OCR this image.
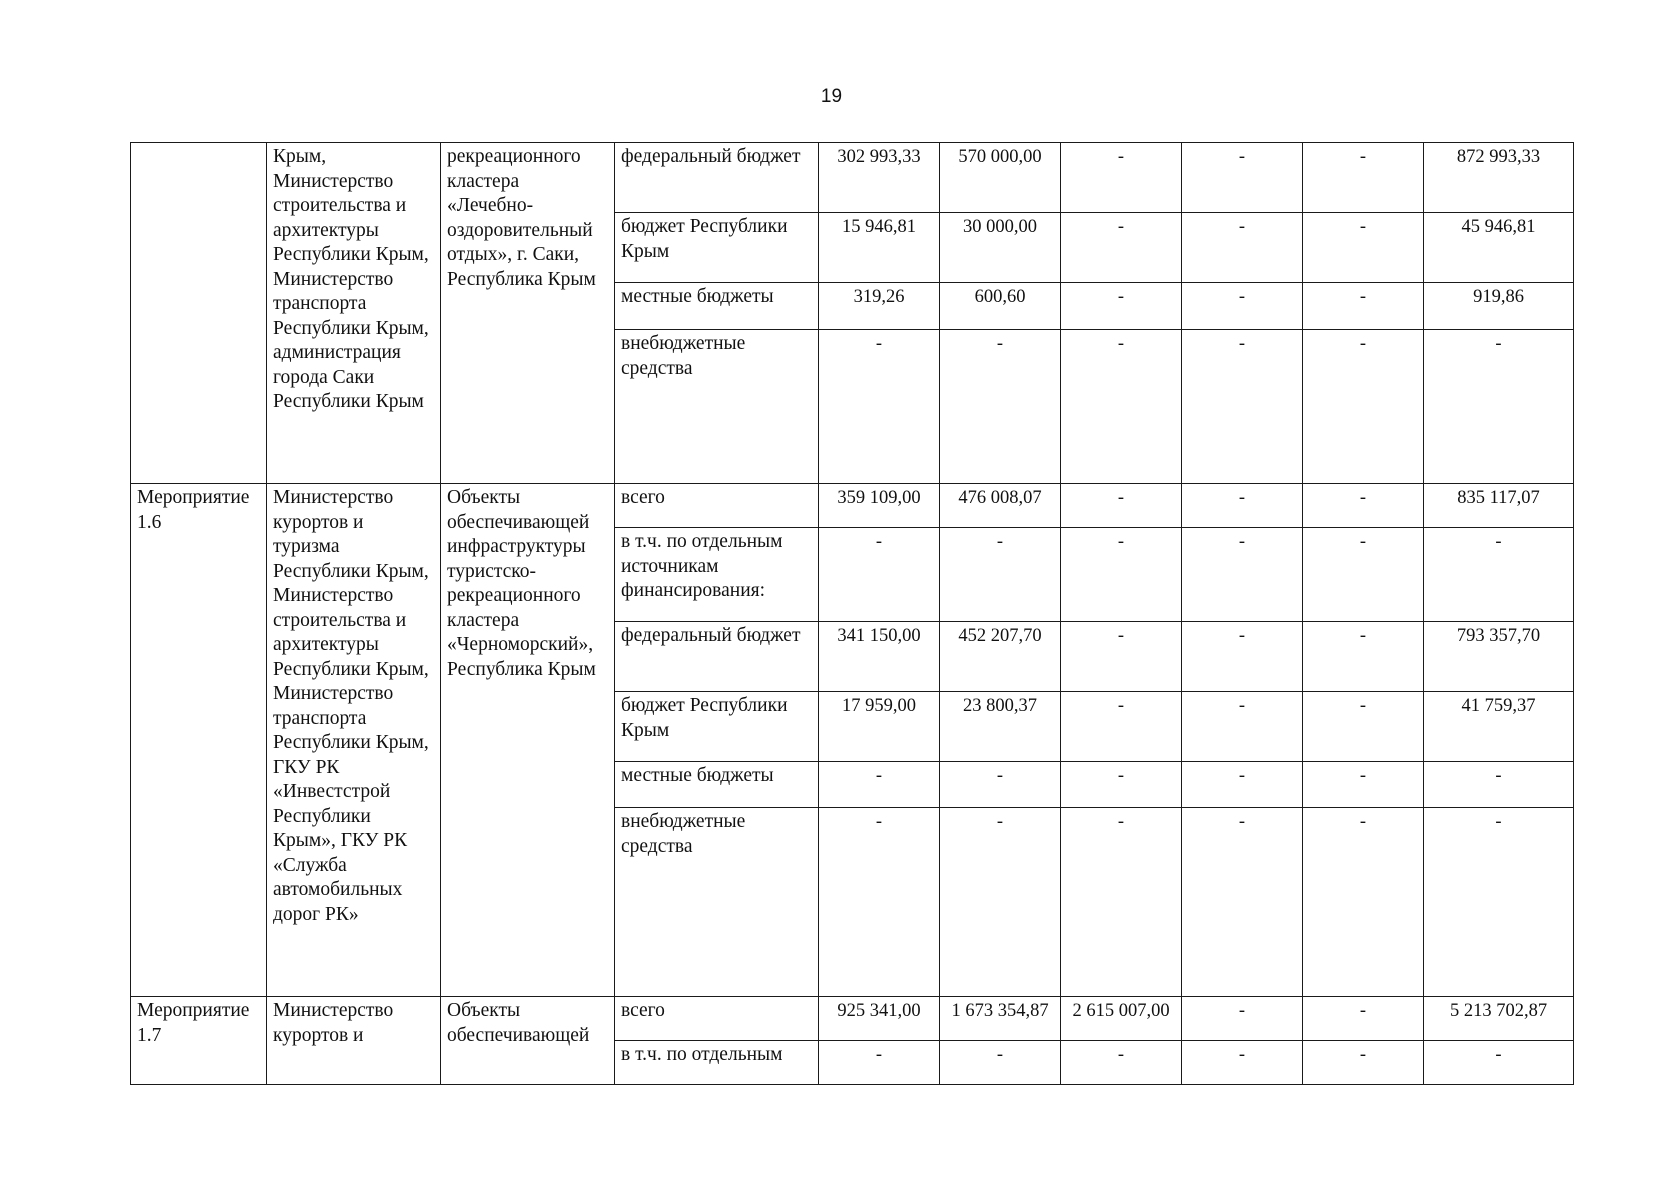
19
	Крым, Министерство строительства и архитектуры Республики Крым, Министерство транспорта Республики Крым, администрация города Саки Республики Крым	рекреационного кластера «Лечебно-оздоровительный отдых», г. Саки, Республика Крым	федеральный бюджет	302 993,33	570 000,00	-	-	-	872 993,33
			бюджет Республики Крым	15 946,81	30 000,00	-	-	-	45 946,81
			местные бюджеты	319,26	600,60	-	-	-	919,86
			внебюджетные средства	-	-	-	-	-	-
Мероприятие 1.6	Министерство курортов и туризма Республики Крым, Министерство строительства и архитектуры Республики Крым, Министерство транспорта Республики Крым, ГКУ РК «Инвестстрой Республики Крым», ГКУ РК «Служба автомобильных дорог РК»	Объекты обеспечивающей инфраструктуры туристско-рекреационного кластера «Черноморский», Республика Крым	всего	359 109,00	476 008,07	-	-	-	835 117,07
			в т.ч. по отдельным источникам финансирования:	-	-	-	-	-	-
			федеральный бюджет	341 150,00	452 207,70	-	-	-	793 357,70
			бюджет Республики Крым	17 959,00	23 800,37	-	-	-	41 759,37
			местные бюджеты	-	-	-	-	-	-
			внебюджетные средства	-	-	-	-	-	-
Мероприятие 1.7	Министерство курортов и	Объекты обеспечивающей	всего	925 341,00	1 673 354,87	2 615 007,00	-	-	5 213 702,87
			в т.ч. по отдельным	-	-	-	-	-	-
